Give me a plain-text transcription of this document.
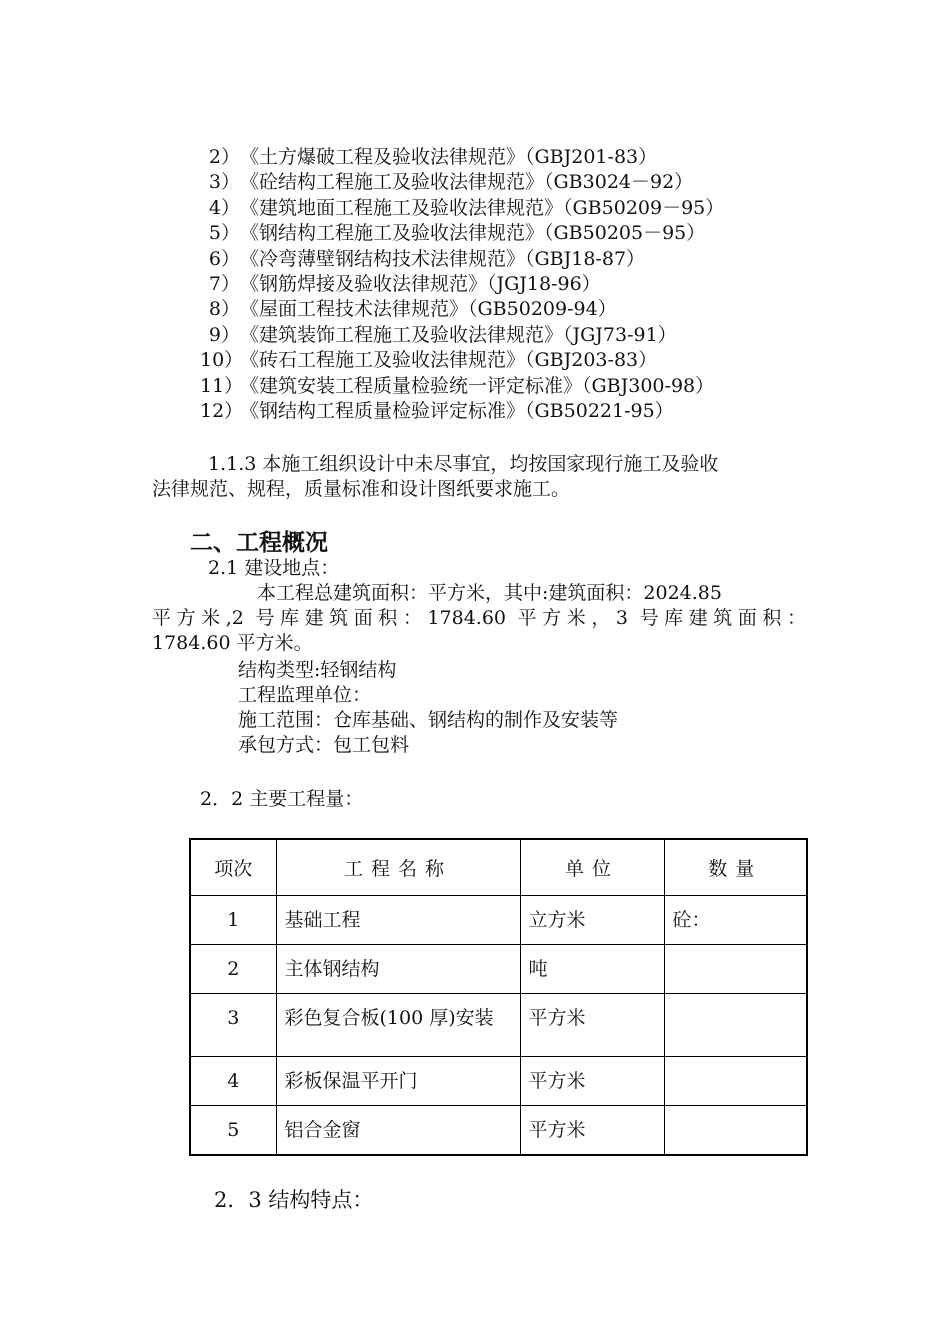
2）《土方爆破工程及验收法律规范》（GBJ201-83）
3）《砼结构工程施工及验收法律规范》（GB3024－92）
4）《建筑地面工程施工及验收法律规范》（GB50209－95）
5）《钢结构工程施工及验收法律规范》（GB50205－95）
6）《冷弯薄壁钢结构技术法律规范》（GBJ18-87）
7）《钢筋焊接及验收法律规范》（JGJ18-96）
8）《屋面工程技术法律规范》（GB50209-94）
9）《建筑装饰工程施工及验收法律规范》（JGJ73-91）
10）《砖石工程施工及验收法律规范》（GBJ203-83）
11）《建筑安装工程质量检验统一评定标准》（GBJ300-98）
12）《钢结构工程质量检验评定标准》（GB50221-95）
1.1.3 本施工组织设计中未尽事宜，均按国家现行施工及验收
法律规范、规程，质量标准和设计图纸要求施工。
二、工程概况
2.1 建设地点：
本工程总建筑面积：平方米，其中:建筑面积：2024.85
平方米,2 号库建筑面积：1784.60 平方米，3 号库建筑面积：
1784.60 平方米。
结构类型:轻钢结构
工程监理单位：
施工范围：仓库基础、钢结构的制作及安装等
承包方式：包工包料
2．2 主要工程量：
项次	工程名称	单位	数量
1	基础工程	立方米	砼：
2	主体钢结构	吨	
3	彩色复合板(100 厚)安装	平方米	
4	彩板保温平开门	平方米	
5	铝合金窗	平方米	
2．3 结构特点：
